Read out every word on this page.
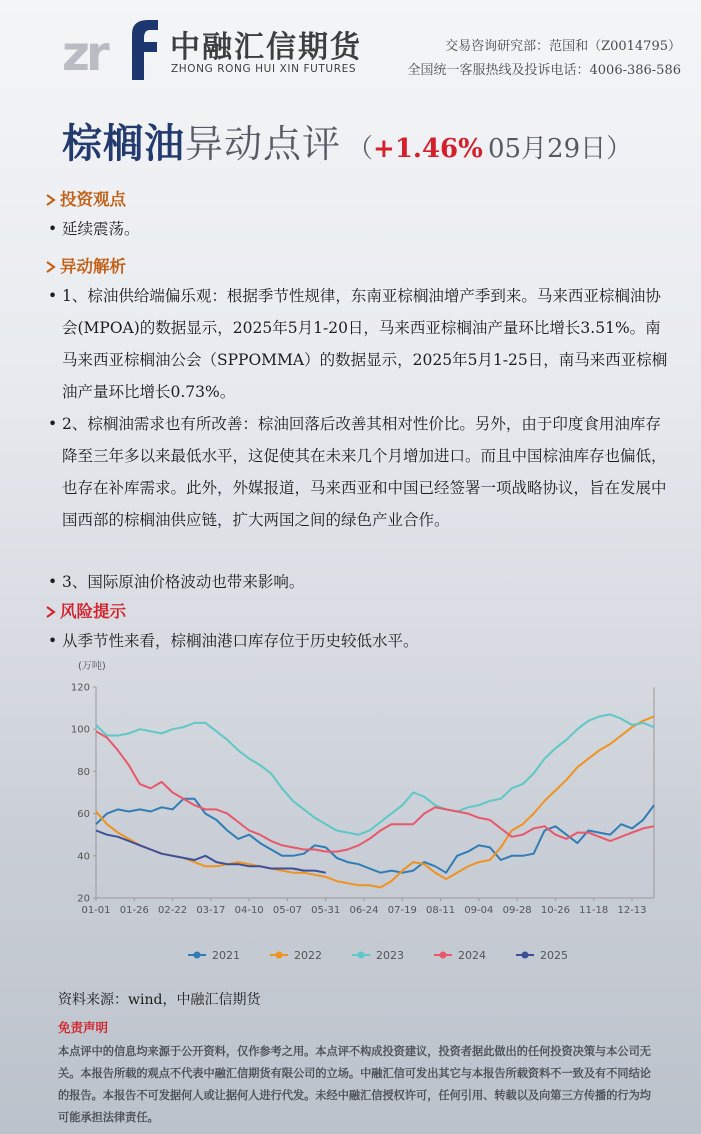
zr 中融汇信期货
ZHONG RONG HUI XIN FUTURES
交易咨询研究部：范国和（Z0014795）
全国统一客服热线及投诉电话：4006-386-586
棕榈油异动点评 （+1.46% 05月29日）
投资观点
• 延续震荡。
异动解析
• 1、棕油供给端偏乐观：根据季节性规律，东南亚棕榈油增产季到来。马来西亚棕榈油协会(MPOA)的数据显示，2025年5月1-20日，马来西亚棕榈油产量环比增长3.51%。南马来西亚棕榈油公会（SPPOMMA）的数据显示，2025年5月1-25日，南马来西亚棕榈油产量环比增长0.73%。
• 2、棕榈油需求也有所改善：棕油回落后改善其相对性价比。另外，由于印度食用油库存降至三年多以来最低水平，这促使其在未来几个月增加进口。而且中国棕油库存也偏低，也存在补库需求。此外，外媒报道，马来西亚和中国已经签署一项战略协议，旨在发展中国西部的棕榈油供应链，扩大两国之间的绿色产业合作。
• 3、国际原油价格波动也带来影响。
风险提示
• 从季节性来看，棕榈油港口库存位于历史较低水平。
(万吨)
20
40
60
80
100
120
01-01 01-26 02-22 03-17 04-10 05-07 05-31 06-24 07-19 08-11 09-04 09-28 10-26 11-18 12-13
2021	2022	2023	2024	2025
资料来源：wind，中融汇信期货
免责声明
本点评中的信息均来源于公开资料，仅作参考之用。本点评不构成投资建议，投资者据此做出的任何投资决策与本公司无关。本报告所载的观点不代表中融汇信期货有限公司的立场。中融汇信可发出其它与本报告所载资料不一致及有不同结论的报告。本报告不可发据何人或让据何人进行代发。未经中融汇信授权许可，任何引用、转载以及向第三方传播的行为均可能承担法律责任。
